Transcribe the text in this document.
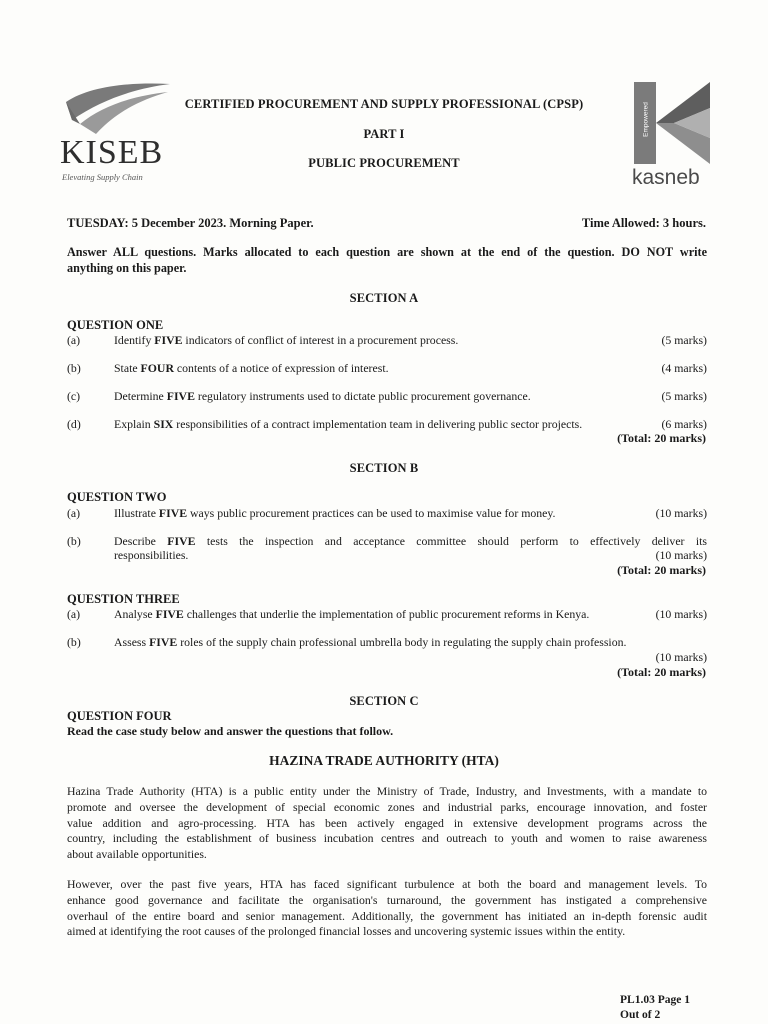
KISEB
Elevating Supply Chain
Empowered
kasneb
CERTIFIED PROCUREMENT AND SUPPLY PROFESSIONAL (CPSP)
PART I
PUBLIC PROCUREMENT
TUESDAY: 5 December 2023. Morning Paper.	Time Allowed: 3 hours.
Answer ALL questions. Marks allocated to each question are shown at the end of the question. DO NOT write
anything on this paper.
SECTION A
QUESTION ONE
(a)	Identify FIVE indicators of conflict of interest in a procurement process.	(5 marks)
(b)	State FOUR contents of a notice of expression of interest.	(4 marks)
(c)	Determine FIVE regulatory instruments used to dictate public procurement governance.	(5 marks)
(d)	Explain SIX responsibilities of a contract implementation team in delivering public sector projects.	(6 marks)
(Total: 20 marks)
SECTION B
QUESTION TWO
(a)	Illustrate FIVE ways public procurement practices can be used to maximise value for money.	(10 marks)
(b)	Describe FIVE tests the inspection and acceptance committee should perform to effectively deliver its
responsibilities.	(10 marks)
(Total: 20 marks)
QUESTION THREE
(a)	Analyse FIVE challenges that underlie the implementation of public procurement reforms in Kenya.	(10 marks)
(b)	Assess FIVE roles of the supply chain professional umbrella body in regulating the supply chain profession.
(10 marks)
(Total: 20 marks)
SECTION C
QUESTION FOUR
Read the case study below and answer the questions that follow.
HAZINA TRADE AUTHORITY (HTA)
Hazina Trade Authority (HTA) is a public entity under the Ministry of Trade, Industry, and Investments, with a mandate to
promote and oversee the development of special economic zones and industrial parks, encourage innovation, and foster
value addition and agro-processing. HTA has been actively engaged in extensive development programs across the
country, including the establishment of business incubation centres and outreach to youth and women to raise awareness
about available opportunities.
However, over the past five years, HTA has faced significant turbulence at both the board and management levels. To
enhance good governance and facilitate the organisation's turnaround, the government has instigated a comprehensive
overhaul of the entire board and senior management. Additionally, the government has initiated an in-depth forensic audit
aimed at identifying the root causes of the prolonged financial losses and uncovering systemic issues within the entity.
PL1.03 Page 1
Out of 2
